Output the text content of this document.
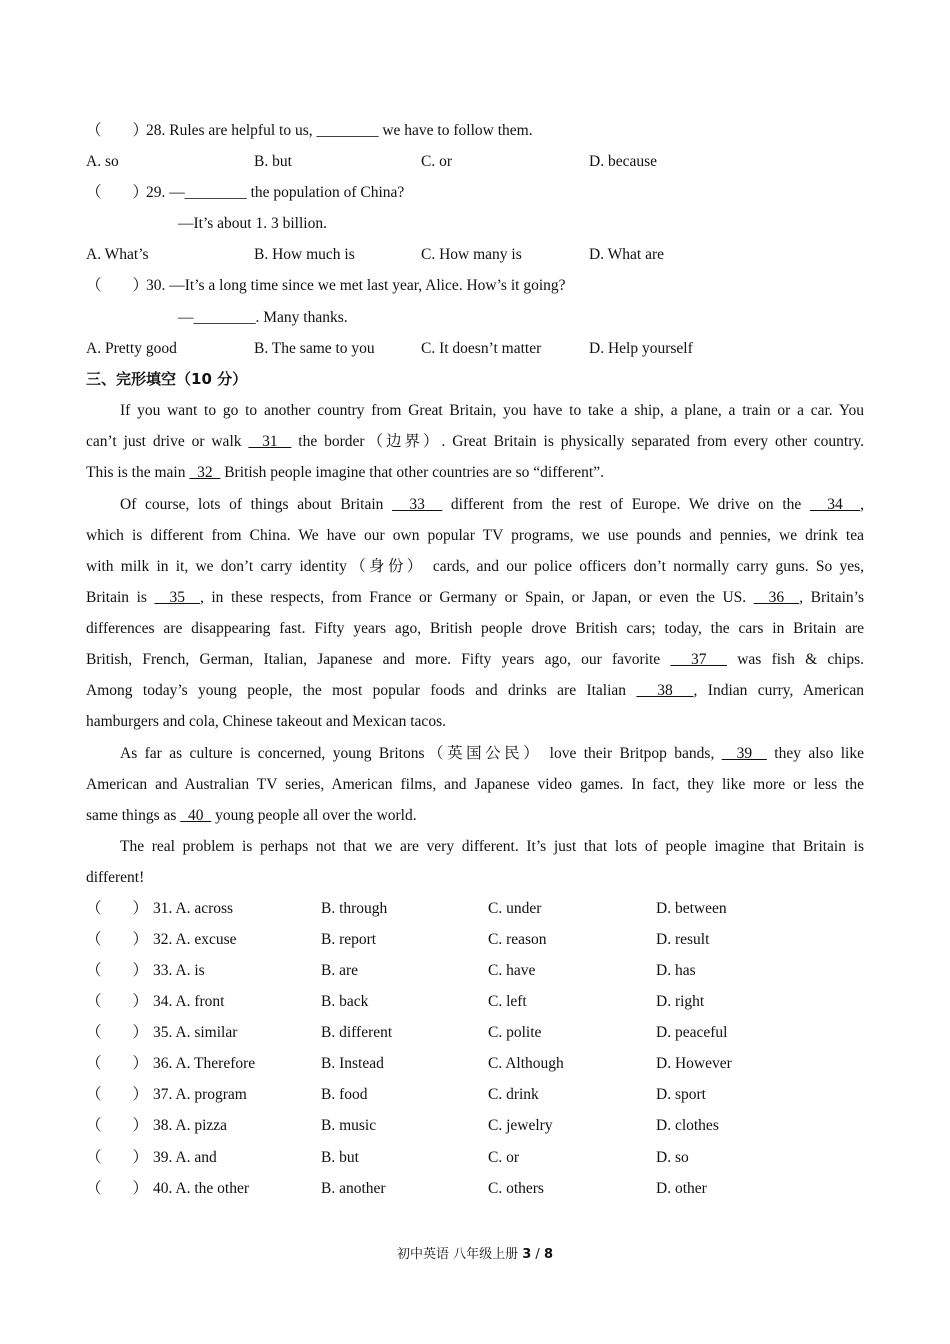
（　　）28. Rules are helpful to us, ________ we have to follow them.
A. so	B. but	C. or	D. because
（　　）29. —________ the population of China?
—It’s about 1. 3 billion.
A. What’s	B. How much is	C. How many is	D. What are
（　　）30. —It’s a long time since we met last year, Alice. How’s it going?
—________. Many thanks.
A. Pretty good	B. The same to you	C. It doesn’t matter	D. Help yourself
三、完形填空（10 分）
If you want to go to another country from Great Britain, you have to take a ship, a plane, a train or a car. You
can’t just drive or walk   31   the border（边界）. Great Britain is physically separated from every other country.
This is the main   32   British people imagine that other countries are so “different”.
Of course, lots of things about Britain   33   different from the rest of Europe. We drive on the   34  ,
which is different from China. We have our own popular TV programs, we use pounds and pennies, we drink tea
with milk in it, we don’t carry identity（身份） cards, and our police officers don’t normally carry guns. So yes,
Britain is   35  , in these respects, from France or Germany or Spain, or Japan, or even the US.   36  , Britain’s
differences are disappearing fast. Fifty years ago, British people drove British cars; today, the cars in Britain are
British, French, German, Italian, Japanese and more. Fifty years ago, our favorite   37   was fish & chips.
Among today’s young people, the most popular foods and drinks are Italian   38  , Indian curry, American
hamburgers and cola, Chinese takeout and Mexican tacos.
As far as culture is concerned, young Britons（英国公民） love their Britpop bands,   39   they also like
American and Australian TV series, American films, and Japanese video games. In fact, they like more or less the
same things as   40   young people all over the world.
The real problem is perhaps not that we are very different. It’s just that lots of people imagine that Britain is
different!
（　　） 31. A. across	B. through	C. under	D. between
（　　） 32. A. excuse	B. report	C. reason	D. result
（　　） 33. A. is	B. are	C. have	D. has
（　　） 34. A. front	B. back	C. left	D. right
（　　） 35. A. similar	B. different	C. polite	D. peaceful
（　　） 36. A. Therefore	B. Instead	C. Although	D. However
（　　） 37. A. program	B. food	C. drink	D. sport
（　　） 38. A. pizza	B. music	C. jewelry	D. clothes
（　　） 39. A. and	B. but	C. or	D. so
（　　） 40. A. the other	B. another	C. others	D. other
初中英语 八年级上册 3 / 8
